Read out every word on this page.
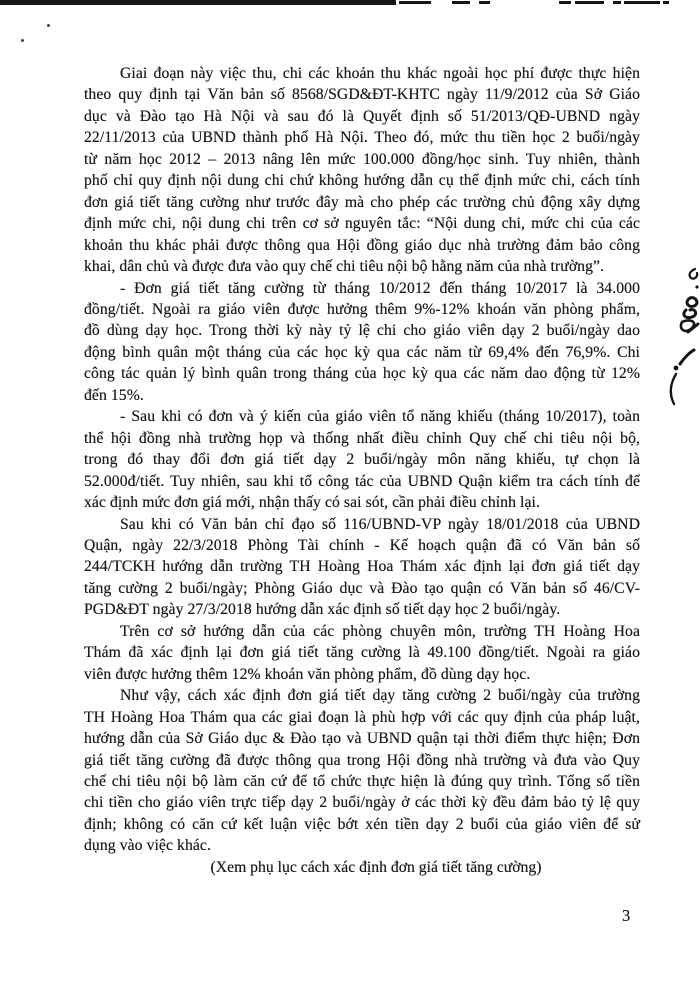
Giai đoạn này việc thu, chi các khoản thu khác ngoài học phí được thực hiện
theo quy định tại Văn bản số 8568/SGD&ĐT-KHTC ngày 11/9/2012 của Sở Giáo
dục và Đào tạo Hà Nội và sau đó là Quyết định số 51/2013/QĐ-UBND ngày
22/11/2013 của UBND thành phố Hà Nội. Theo đó, mức thu tiền học 2 buổi/ngày
từ năm học 2012 – 2013 nâng lên mức 100.000 đồng/học sinh. Tuy nhiên, thành
phố chỉ quy định nội dung chi chứ không hướng dẫn cụ thể định mức chi, cách tính
đơn giá tiết tăng cường như trước đây mà cho phép các trường chủ động xây dựng
định mức chi, nội dung chi trên cơ sở nguyên tắc: “Nội dung chi, mức chi của các
khoản thu khác phải được thông qua Hội đồng giáo dục nhà trường đảm bảo công
khai, dân chủ và được đưa vào quy chế chi tiêu nội bộ hằng năm của nhà trường”.
- Đơn giá tiết tăng cường từ tháng 10/2012 đến tháng 10/2017 là 34.000
đồng/tiết. Ngoài ra giáo viên được hưởng thêm 9%-12% khoán văn phòng phẩm,
đồ dùng dạy học. Trong thời kỳ này tỷ lệ chi cho giáo viên dạy 2 buổi/ngày dao
động bình quân một tháng của các học kỳ qua các năm từ 69,4% đến 76,9%. Chi
công tác quản lý bình quân trong tháng của học kỳ qua các năm dao động từ 12%
đến 15%.
- Sau khi có đơn và ý kiến của giáo viên tổ năng khiếu (tháng 10/2017), toàn
thể hội đồng nhà trường họp và thống nhất điều chỉnh Quy chế chi tiêu nội bộ,
trong đó thay đổi đơn giá tiết dạy 2 buổi/ngày môn năng khiếu, tự chọn là
52.000đ/tiết. Tuy nhiên, sau khi tổ công tác của UBND Quận kiểm tra cách tính để
xác định mức đơn giá mới, nhận thấy có sai sót, cần phải điều chỉnh lại.
Sau khi có Văn bản chỉ đạo số 116/UBND-VP ngày 18/01/2018 của UBND
Quận, ngày 22/3/2018 Phòng Tài chính - Kế hoạch quận đã có Văn bản số
244/TCKH hướng dẫn trường TH Hoàng Hoa Thám xác định lại đơn giá tiết dạy
tăng cường 2 buổi/ngày; Phòng Giáo dục và Đào tạo quận có Văn bản số 46/CV-
PGD&ĐT ngày 27/3/2018 hướng dẫn xác định số tiết dạy học 2 buổi/ngày.
Trên cơ sở hướng dẫn của các phòng chuyên môn, trường TH Hoàng Hoa
Thám đã xác định lại đơn giá tiết tăng cường là 49.100 đồng/tiết. Ngoài ra giáo
viên được hưởng thêm 12% khoán văn phòng phẩm, đồ dùng dạy học.
Như vậy, cách xác định đơn giá tiết dạy tăng cường 2 buổi/ngày của trường
TH Hoàng Hoa Thám qua các giai đoạn là phù hợp với các quy định của pháp luật,
hướng dẫn của Sở Giáo dục & Đào tạo và UBND quận tại thời điểm thực hiện; Đơn
giá tiết tăng cường đã được thông qua trong Hội đồng nhà trường và đưa vào Quy
chế chi tiêu nội bộ làm căn cứ để tổ chức thực hiện là đúng quy trình. Tổng số tiền
chi tiền cho giáo viên trực tiếp dạy 2 buổi/ngày ở các thời kỳ đều đảm bảo tỷ lệ quy
định; không có căn cứ kết luận việc bớt xén tiền dạy 2 buổi của giáo viên để sử
dụng vào việc khác.
(Xem phụ lục cách xác định đơn giá tiết tăng cường)
3
